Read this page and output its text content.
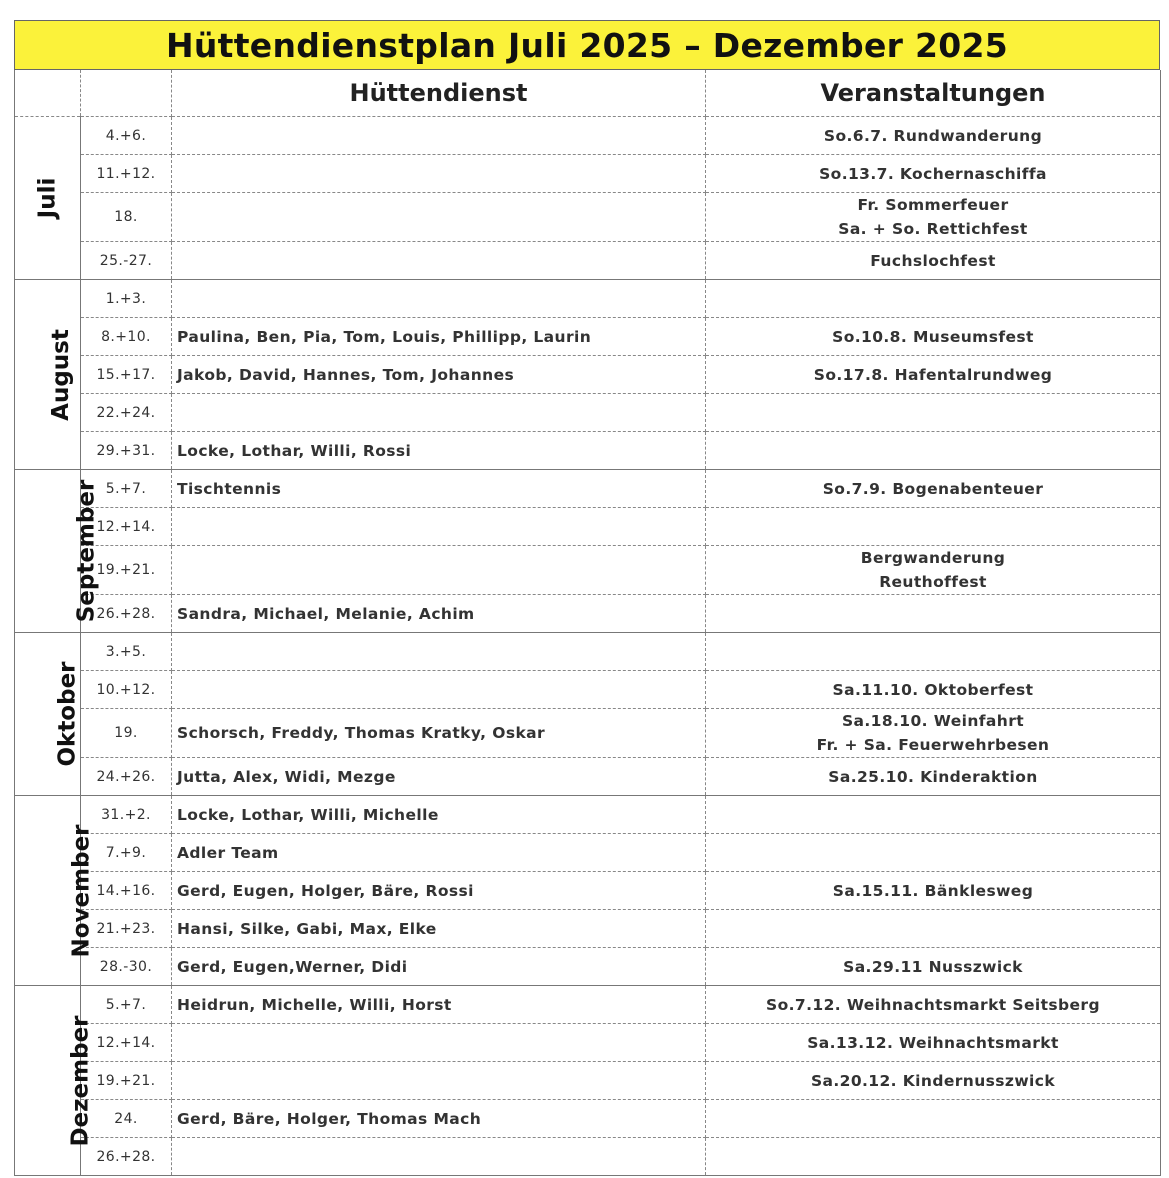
Hüttendienstplan Juli 2025 – Dezember 2025
		Hüttendienst	Veranstaltungen
Juli	4.+6.		So.6.7. Rundwanderung

	11.+12.		So.13.7. Kochernaschiffa

	18.		Fr. Sommerfeuer
Sa. + So. Rettichfest

	25.-27.		Fuchslochfest

August	1.+3.		
	8.+10.	Paulina, Ben, Pia, Tom, Louis, Phillipp, Laurin	So.10.8. Museumsfest

	15.+17.	Jakob, David, Hannes, Tom, Johannes	So.17.8. Hafentalrundweg

	22.+24.		
	29.+31.	Locke, Lothar, Willi, Rossi	
September	5.+7.	Tischtennis	So.7.9. Bogenabenteuer

	12.+14.		
	19.+21.		Bergwanderung
Reuthoffest

	26.+28.	Sandra, Michael, Melanie, Achim	
Oktober	3.+5.		
	10.+12.		Sa.11.10. Oktoberfest

	19.	Schorsch, Freddy, Thomas Kratky, Oskar	Sa.18.10. Weinfahrt
Fr. + Sa. Feuerwehrbesen

	24.+26.	Jutta, Alex, Widi, Mezge	Sa.25.10. Kinderaktion

November	31.+2.	Locke, Lothar, Willi, Michelle	
	7.+9.	Adler Team	
	14.+16.	Gerd, Eugen, Holger, Bäre, Rossi	Sa.15.11. Bänklesweg

	21.+23.	Hansi, Silke, Gabi, Max, Elke	
	28.-30.	Gerd, Eugen,Werner, Didi	Sa.29.11 Nusszwick

Dezember	5.+7.	Heidrun, Michelle, Willi, Horst	So.7.12. Weihnachtsmarkt Seitsberg

	12.+14.		Sa.13.12. Weihnachtsmarkt

	19.+21.		Sa.20.12. Kindernusszwick

	24.	Gerd, Bäre, Holger, Thomas Mach	
	26.+28.		
